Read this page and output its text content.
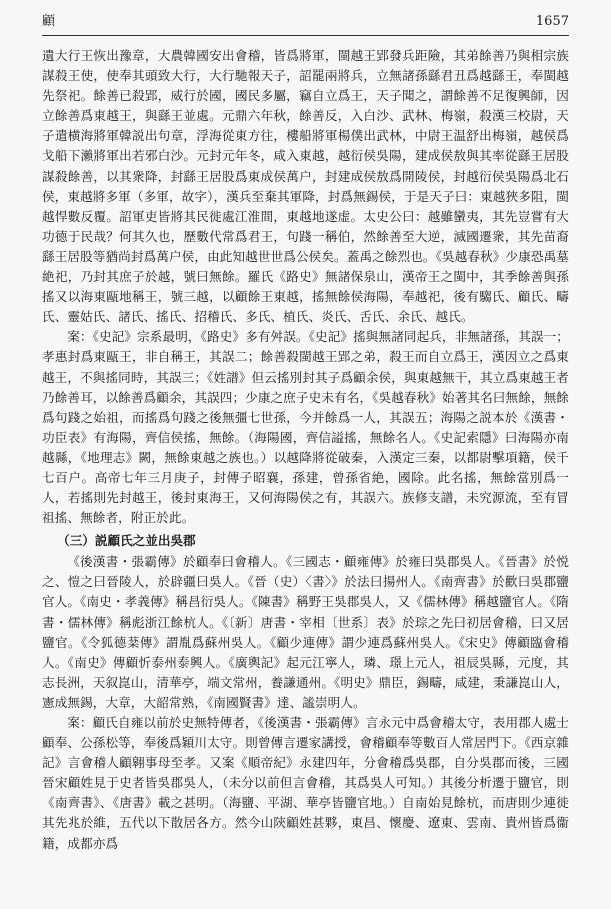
顧	1657

遺大行王恢出豫章，大農韓國安出會稽，皆爲將軍，閩越王郢發兵距險，其弟餘善乃與相宗族謀殺王使，使奉其頭致大行，大行馳報天子，詔罷兩將兵，立無諸孫繇君丑爲越繇王，奉閩越先祭祀。餘善已殺郢，威行於國，國民多屬，竊自立爲王，天子聞之，謂餘善不足復興師，因立餘善爲東越王，與繇王並處。元鼎六年秋，餘善反，入白沙、武林、梅嶺，殺漢三校尉，天子遣横海將軍韓説出句章，浮海從東方往，樓船將軍楊僕出武林，中尉王温舒出梅嶺，越侯爲戈船下瀨將軍出若邪白沙。元封元年冬，咸入東越，越衍侯吳陽，建成侯敖與其率從繇王居股謀殺餘善，以其衆降，封繇王居股爲東成侯萬户，封建成侯敖爲開陵侯，封越衍侯吳陽爲北石侯，東越將多軍（多軍，故字），漢兵至棄其軍降，封爲無錫侯，于是天子曰：東越狹多阻，閩越悍數反覆。詔軍吏皆將其民徙處江淮間，東越地遂虚。太史公曰：越雖蠻夷，其先豈嘗有大功德于民哉？何其久也，歷數代常爲君王，句踐一稱伯，然餘善至大逆，滅國遷衆，其先苗裔繇王居股等猶尚封爲萬户侯，由此知越世世爲公侯矣。蓋禹之餘烈也。《吳越春秋》少康恐禹墓絶祀，乃封其庶子於越，號曰無餘。羅氏《路史》無諸保泉山，漢帝王之閩中，其季餘善與孫搖又以海東甌地稱王，號三越，以顧餘王東越，搖無餘侯海陽，奉越祀，後有騶氏、顧氏、疇氏、靈姑氏、諸氏、搖氏、招稽氏、多氏、植氏、炎氏、舌氏、余氏、越氏。

案：《史記》宗系最明，《路史》多有舛誤。《史記》搖與無諸同起兵，非無諸孫，其誤一；孝惠封爲東甌王，非自稱王，其誤二；餘善殺閩越王郢之弟，殺王而自立爲王，漢因立之爲東越王，不與搖同時，其誤三；《姓譜》但云搖別封其子爲顧余侯，與東越無干，其立爲東越王者乃餘善耳，以餘善爲顧余，其誤四；少康之庶子史未有名，《吳越春秋》始著其名曰無餘，無餘爲句踐之始祖，而搖爲句踐之後無彊七世孫，今并餘爲一人，其誤五；海陽之説本於《漢書・功臣表》有海陽，齊信侯搖，無餘。（海陽國，齊信謚搖，無餘名人。《史記索隱》曰海陽亦南越縣，《地理志》闕，無餘東越之族也。）以越降將從破秦，入漢定三秦，以都尉擊項籍，侯千七百户。高帝七年三月庚子，封傳子昭襄，孫建，曾孫省絶，國除。此名搖，無餘當別爲一人，若搖則先封越王，後封東海王，又何海陽侯之有，其誤六。族修支譜，未究源流，至有冒祖搖、無餘者，附正於此。

（三）説顧氏之並出吳郡

《後漢書・張霸傳》於顧奉曰會稽人。《三國志・顧雍傳》於雍曰吳郡吳人。《晉書》於悦之、愷之曰晉陵人，於辟疆曰吳人。《晉（史）〈書〉》於法曰揚州人。《南齊書》於歡曰吳郡鹽官人。《南史・孝義傳》稱昌衍吳人。《陳書》稱野王吳郡吳人，又《儒林傳》稱越鹽官人。《隋書・儒林傳》稱彪浙江餘杭人。《〔新〕唐書・宰相〔世系〕表》於琮之先曰初居會稽，曰又居鹽官。《令狐德棻傳》謂胤爲蘇州吳人。《顧少連傳》謂少連爲蘇州吳人。《宋史》傳顧臨會稽人。《南史》傳顧忻泰州泰興人。《廣輿記》起元江寧人，璘、璟上元人，祖辰吳縣，元度，其志長洲，天叙崑山，清華亭，端文常州，養謙通州。《明史》鼎臣，錫疇，咸建，秉謙崑山人，憲成無錫，大章，大韶常熟，《南國賢書》達、謐崇明人。

案：顧氏自雍以前於史無特傳者，《後漢書・張霸傳》言永元中爲會稽太守，表用郡人處士顧奉、公孫松等，奉後爲穎川太守。則曾傳言遷家講授，會稽顧奉等數百人常居門下。《西京雜記》言會稽人顧翱事母至孝。又案《順帝紀》永建四年，分會稽爲吳郡，自分吳郡而後，三國晉宋顧姓見于史者皆吳郡吳人，（未分以前但言會稽，其爲吳人可知。）其後分析遷于鹽官，則《南齊書》、《唐書》載之甚明。（海鹽、平湖、華亭皆鹽官地。）自南始見餘杭，而唐則少連徙其先兆於維，五代以下散居各方。然今山陝顧姓甚夥，東昌、懷慶、遼東、雲南、貴州皆爲衞籍，成都亦爲
